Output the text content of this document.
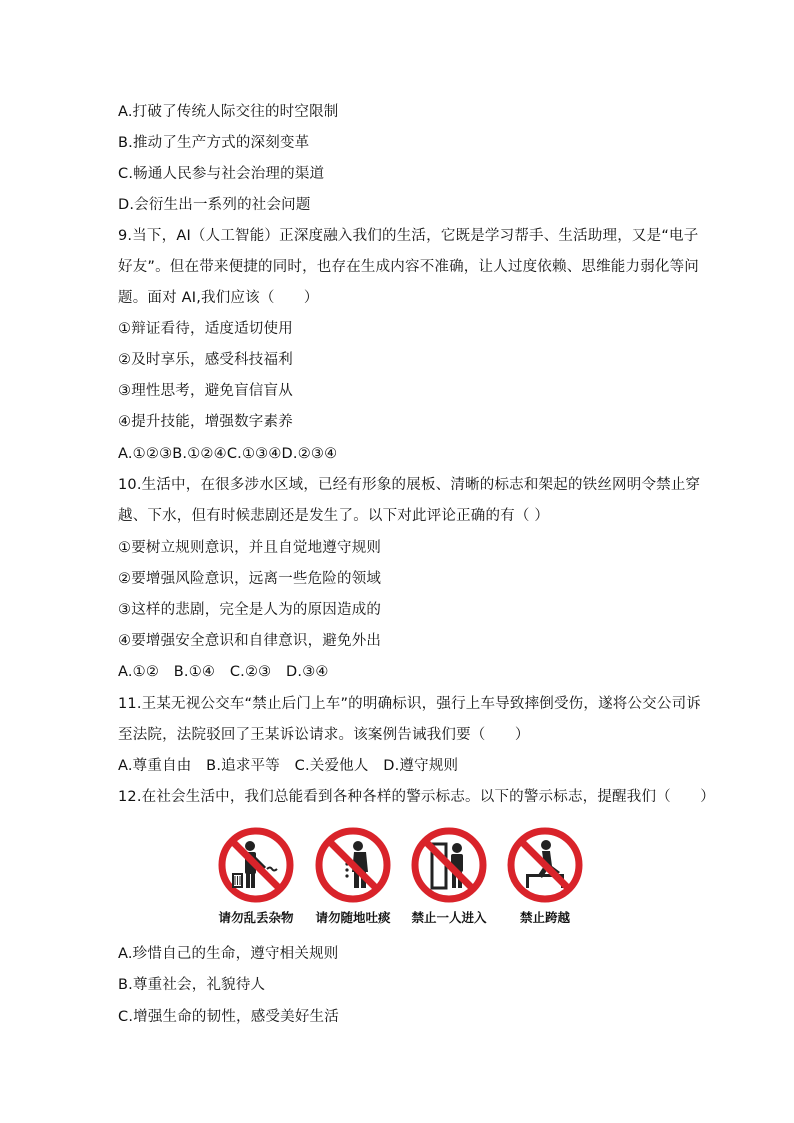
A.打破了传统人际交往的时空限制
B.推动了生产方式的深刻变革
C.畅通人民参与社会治理的渠道
D.会衍生出一系列的社会问题
9.当下，AI（人工智能）正深度融入我们的生活，它既是学习帮手、生活助理，又是“电子
好友”。但在带来便捷的同时，也存在生成内容不准确，让人过度依赖、思维能力弱化等问
题。面对 AI,我们应该（　　）
①辩证看待，适度适切使用
②及时享乐，感受科技福利
③理性思考，避免盲信盲从
④提升技能，增强数字素养
A.①②③B.①②④C.①③④D.②③④
10.生活中，在很多涉水区域，已经有形象的展板、清晰的标志和架起的铁丝网明令禁止穿
越、下水，但有时候悲剧还是发生了。以下对此评论正确的有（ ）
①要树立规则意识，并且自觉地遵守规则
②要增强风险意识，远离一些危险的领域
③这样的悲剧，完全是人为的原因造成的
④要增强安全意识和自律意识，避免外出
A.①②　B.①④　C.②③　D.③④
11.王某无视公交车“禁止后门上车”的明确标识，强行上车导致摔倒受伤，遂将公交公司诉
至法院，法院驳回了王某诉讼请求。该案例告诫我们要（　　）
A.尊重自由　B.追求平等　C.关爱他人　D.遵守规则
12.在社会生活中，我们总能看到各种各样的警示标志。以下的警示标志，提醒我们（　　）
请勿乱丢杂物	请勿随地吐痰	禁止一人进入	禁止跨越
A.珍惜自己的生命，遵守相关规则
B.尊重社会，礼貌待人
C.增强生命的韧性，感受美好生活
